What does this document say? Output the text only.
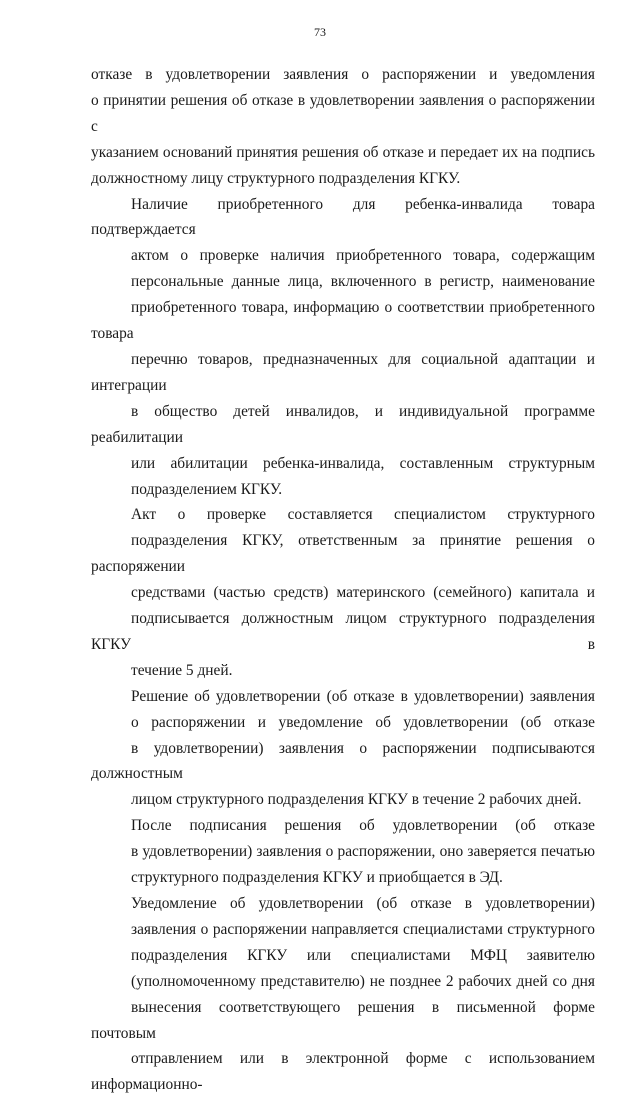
73

отказе в удовлетворении заявления о распоряжении и уведомления
о принятии решения об отказе в удовлетворении заявления о распоряжении с
указанием оснований принятия решения об отказе и передает их на подпись
должностному лицу структурного подразделения КГКУ.

Наличие приобретенного для ребенка-инвалида товара подтверждается
актом о проверке наличия приобретенного товара, содержащим
персональные данные лица, включенного в регистр, наименование
приобретенного товара, информацию о соответствии приобретенного товара
перечню товаров, предназначенных для социальной адаптации и интеграции
в общество детей инвалидов, и индивидуальной программе реабилитации
или абилитации ребенка-инвалида, составленным структурным
подразделением КГКУ.

Акт о проверке составляется специалистом структурного
подразделения КГКУ, ответственным за принятие решения о распоряжении
средствами (частью средств) материнского (семейного) капитала и
подписывается должностным лицом структурного подразделения КГКУ в
течение 5 дней.

Решение об удовлетворении (об отказе в удовлетворении) заявления
о распоряжении и уведомление об удовлетворении (об отказе
в удовлетворении) заявления о распоряжении подписываются должностным
лицом структурного подразделения КГКУ в течение 2 рабочих дней.

После подписания решения об удовлетворении (об отказе
в удовлетворении) заявления о распоряжении, оно заверяется печатью
структурного подразделения КГКУ и приобщается в ЭД.

Уведомление об удовлетворении (об отказе в удовлетворении)
заявления о распоряжении направляется специалистами структурного
подразделения КГКУ или специалистами МФЦ заявителю
(уполномоченному представителю) не позднее 2 рабочих дней со дня
вынесения соответствующего решения в письменной форме почтовым
отправлением или в электронной форме с использованием информационно-
